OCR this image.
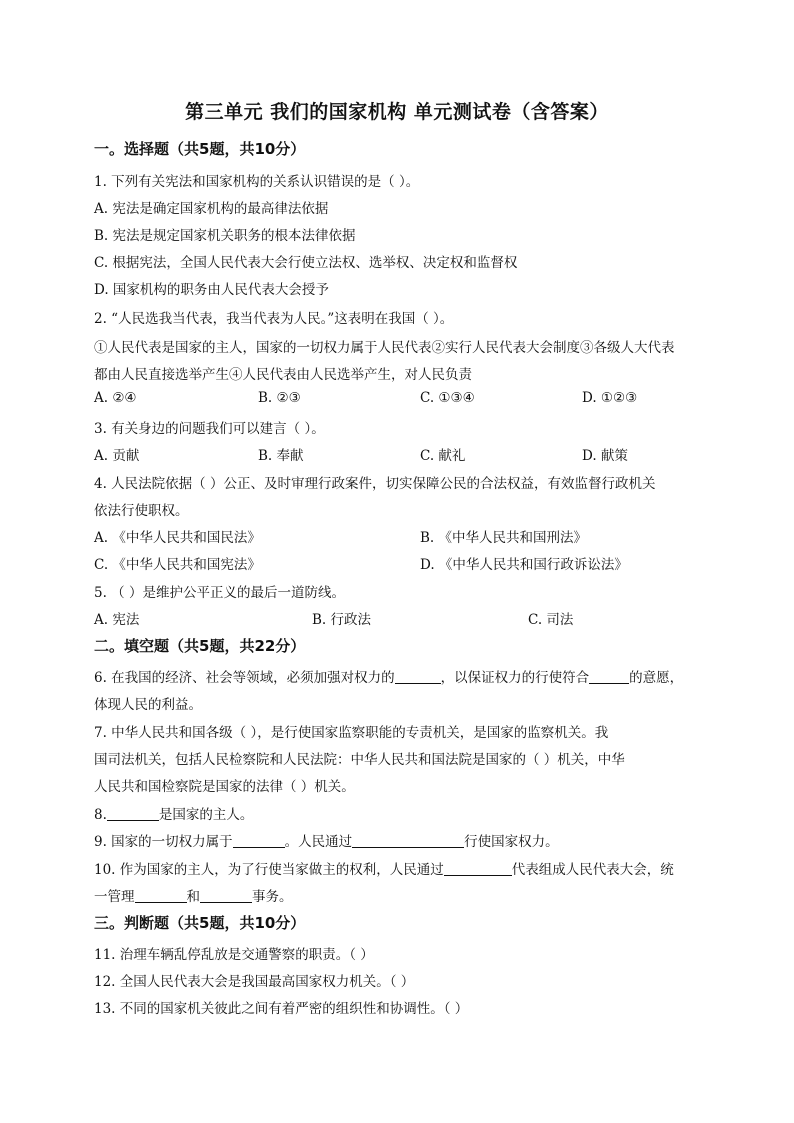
第三单元 我们的国家机构 单元测试卷（含答案）
一。选择题（共5题，共10分）
1. 下列有关宪法和国家机构的关系认识错误的是（ ）。
A. 宪法是确定国家机构的最高律法依据
B. 宪法是规定国家机关职务的根本法律依据
C. 根据宪法，全国人民代表大会行使立法权、选举权、决定权和监督权
D. 国家机构的职务由人民代表大会授予
2. “人民选我当代表，我当代表为人民。”这表明在我国（ ）。
①人民代表是国家的主人，国家的一切权力属于人民代表②实行人民代表大会制度③各级人大代表
都由人民直接选举产生④人民代表由人民选举产生，对人民负责
A. ②④	B. ②③	C. ①③④	D. ①②③
3. 有关身边的问题我们可以建言（ ）。
A. 贡献	B. 奉献	C. 献礼	D. 献策
4. 人民法院依据（ ）公正、及时审理行政案件，切实保障公民的合法权益，有效监督行政机关
依法行使职权。
A. 《中华人民共和国民法》	B. 《中华人民共和国刑法》
C. 《中华人民共和国宪法》	D. 《中华人民共和国行政诉讼法》
5. （ ）是维护公平正义的最后一道防线。
A. 宪法	B. 行政法	C. 司法
二。填空题（共5题，共22分）
6. 在我国的经济、社会等领域，必须加强对权力的	，以保证权力的行使符合	的意愿，
体现人民的利益。
7. 中华人民共和国各级（ ），是行使国家监察职能的专责机关，是国家的监察机关。我
国司法机关，包括人民检察院和人民法院：中华人民共和国法院是国家的（ ）机关，中华
人民共和国检察院是国家的法律（ ）机关。
8.	是国家的主人。
9. 国家的一切权力属于	。人民通过	行使国家权力。
10. 作为国家的主人，为了行使当家做主的权利，人民通过	代表组成人民代表大会，统
一管理	和	事务。
三。判断题（共5题，共10分）
11. 治理车辆乱停乱放是交通警察的职责。（ ）
12. 全国人民代表大会是我国最高国家权力机关。（ ）
13. 不同的国家机关彼此之间有着严密的组织性和协调性。（ ）
